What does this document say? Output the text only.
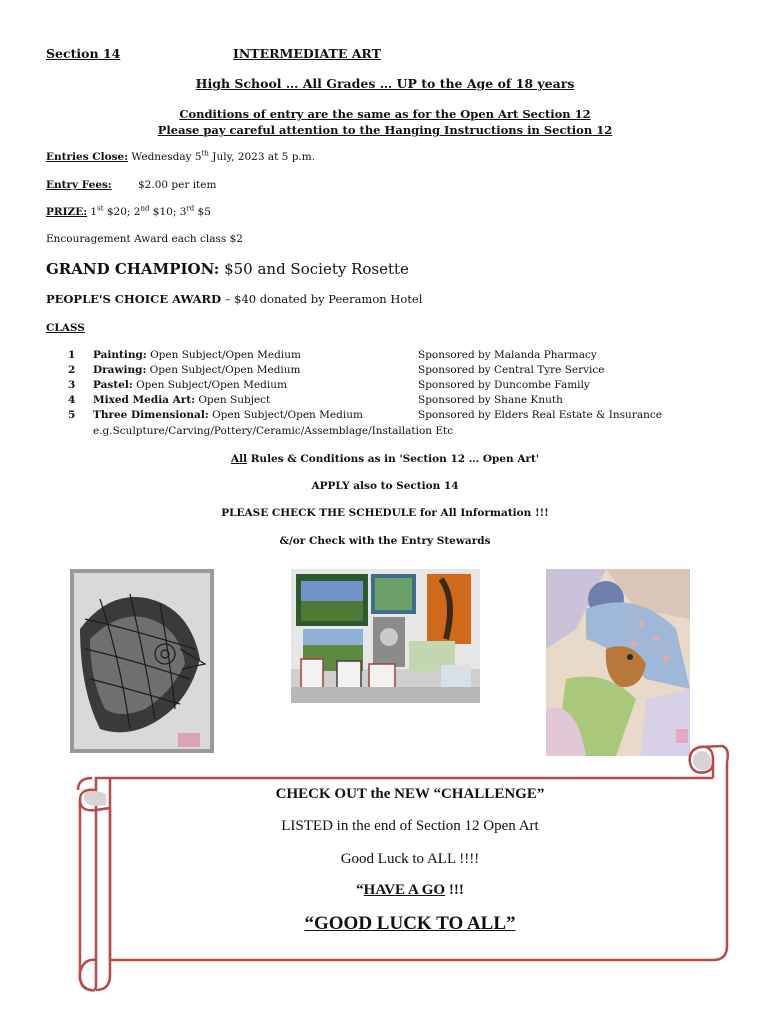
Section 14	INTERMEDIATE ART
High School … All Grades … UP to the Age of 18 years
Conditions of entry are the same as for the Open Art Section 12
Please pay careful attention to the Hanging Instructions in Section 12
Entries Close: Wednesday 5th July, 2023 at 5 p.m.
Entry Fees: $2.00 per item
PRIZE: 1st $20; 2nd $10; 3rd $5
Encouragement Award each class $2
GRAND CHAMPION: $50 and Society Rosette
PEOPLE'S CHOICE AWARD – $40 donated by Peeramon Hotel
CLASS
1 Painting: Open Subject/Open Medium	Sponsored by Malanda Pharmacy
2 Drawing: Open Subject/Open Medium	Sponsored by Central Tyre Service
3 Pastel: Open Subject/Open Medium	Sponsored by Duncombe Family
4 Mixed Media Art: Open Subject	Sponsored by Shane Knuth
5 Three Dimensional: Open Subject/Open Medium	Sponsored by Elders Real Estate & Insurance
e.g.Sculpture/Carving/Pottery/Ceramic/Assemblage/Installation Etc
All Rules & Conditions as in 'Section 12 … Open Art'
APPLY also to Section 14
PLEASE CHECK THE SCHEDULE for All Information !!!
&/or Check with the Entry Stewards
CHECK OUT the NEW “CHALLENGE”
LISTED in the end of Section 12 Open Art
Good Luck to ALL !!!!
“HAVE A GO !!!
“GOOD LUCK TO ALL”
